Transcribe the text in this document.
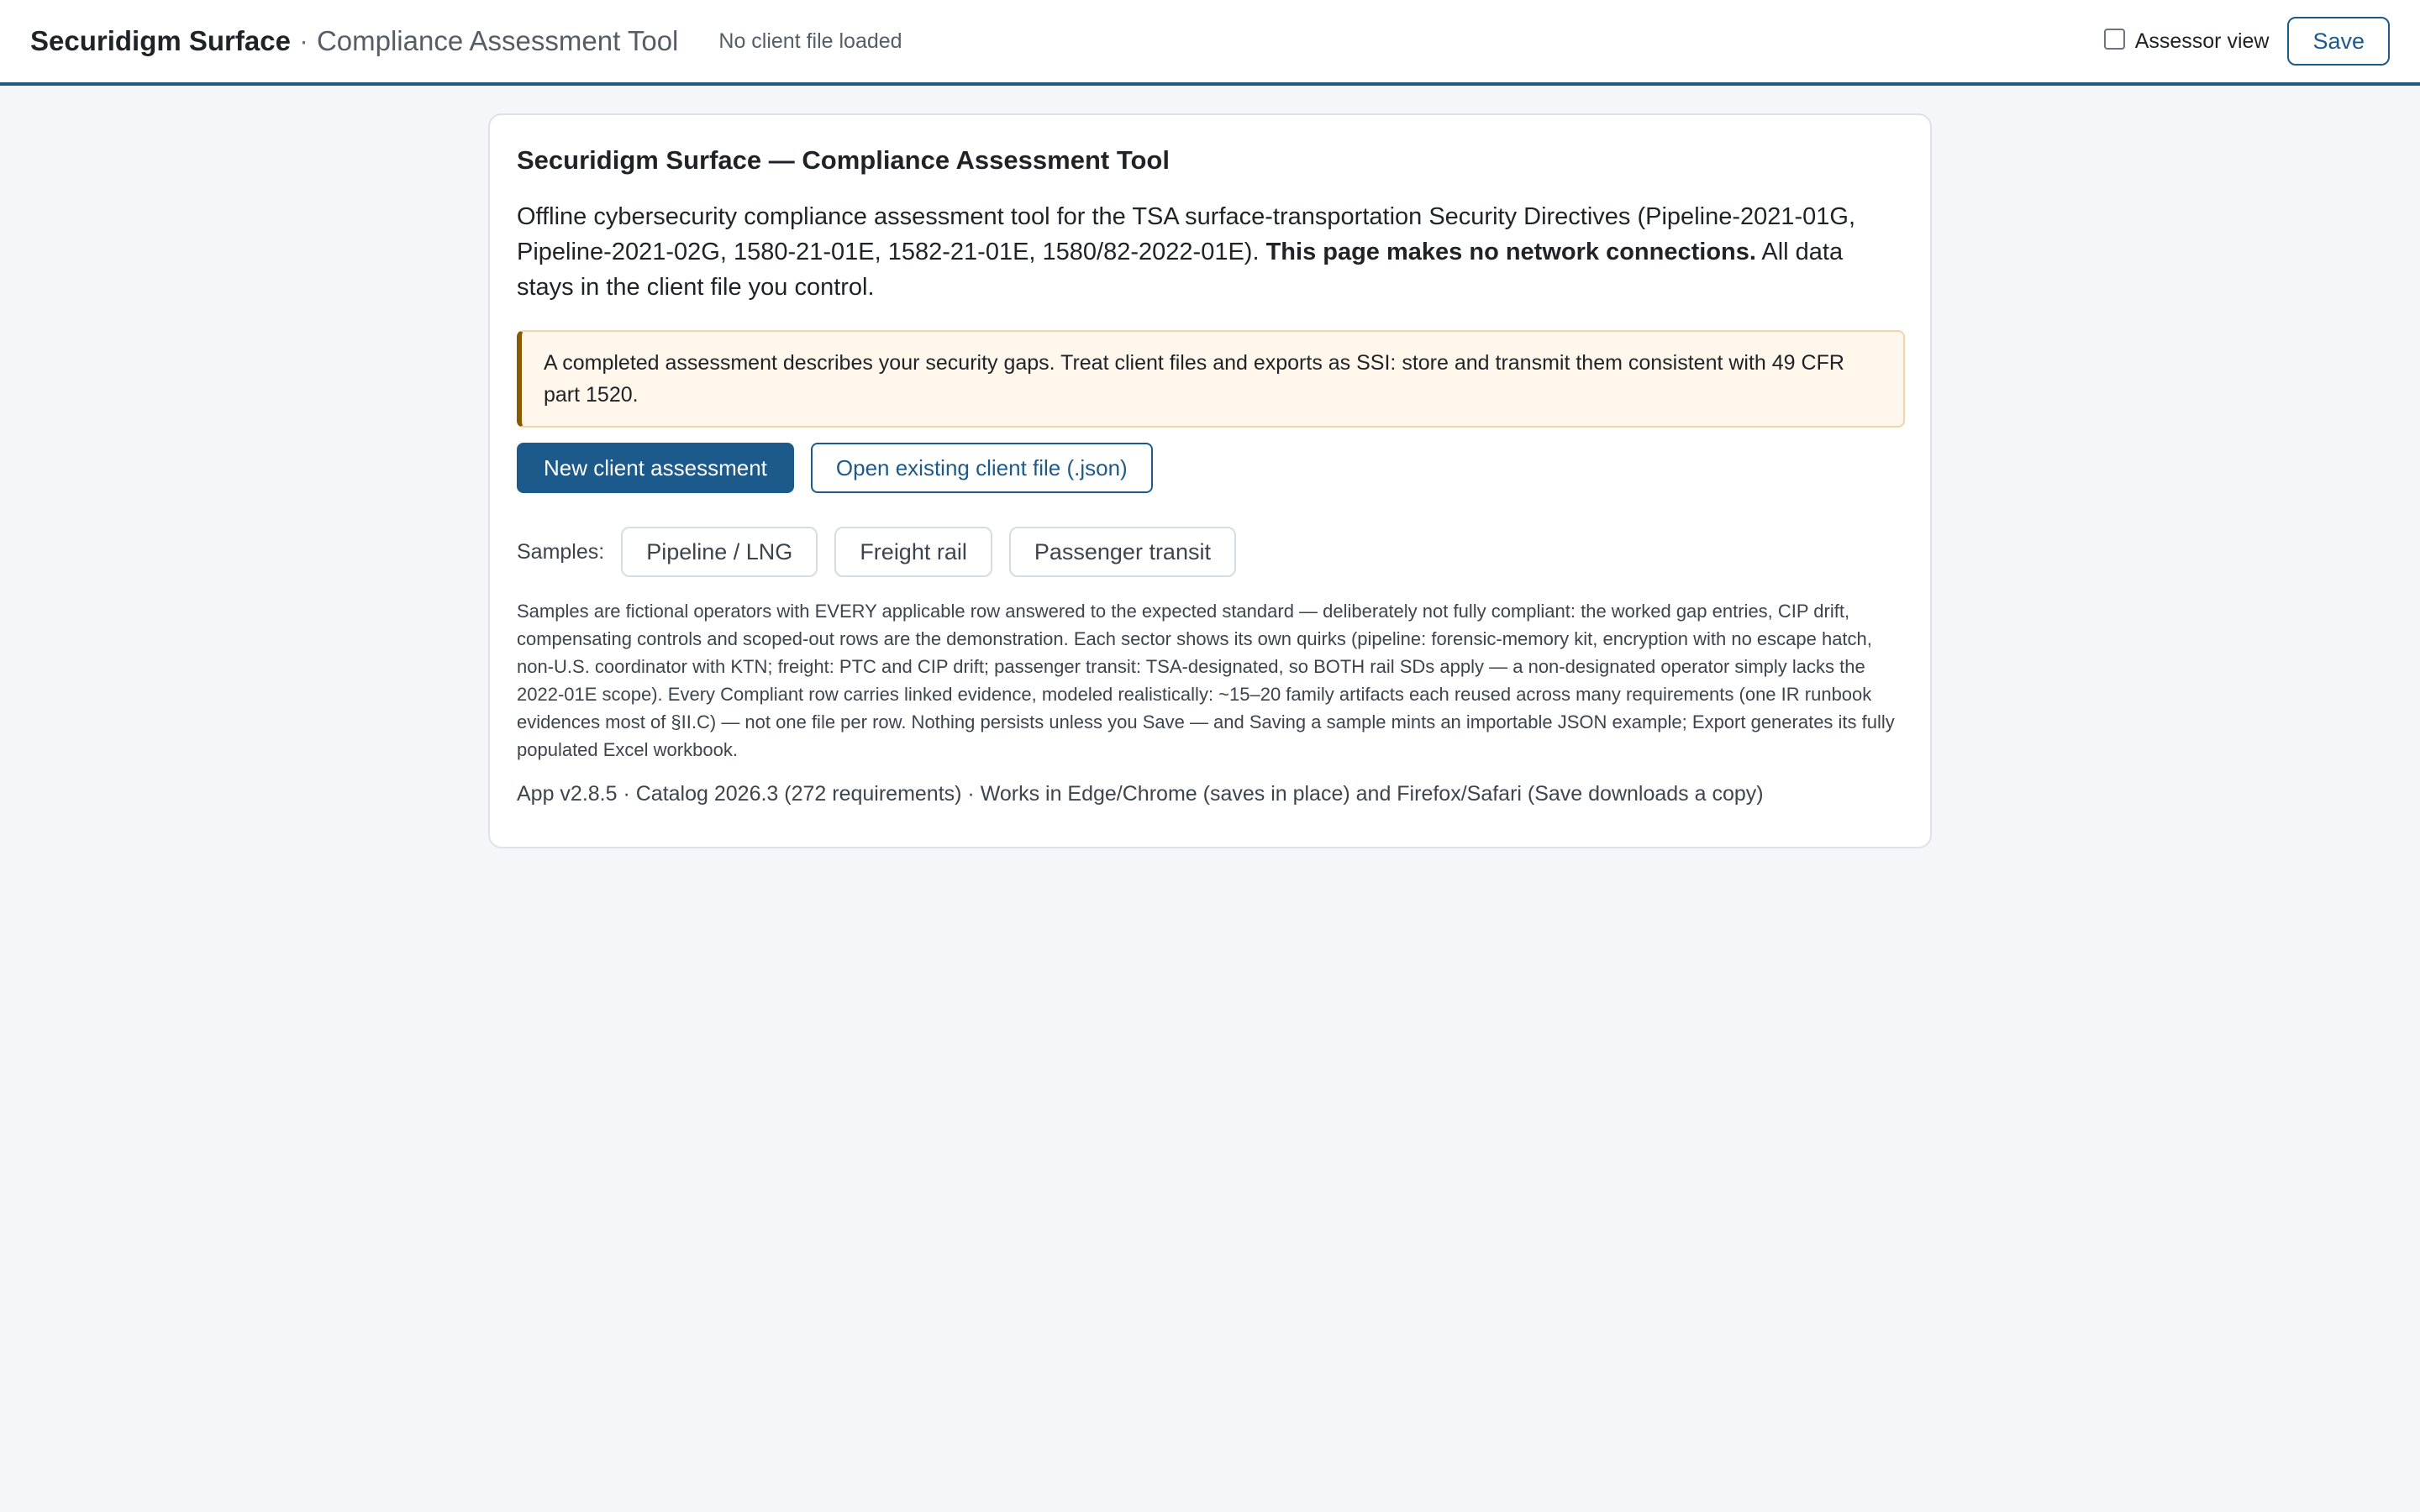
Securidigm Surface · Compliance Assessment Tool No client file loaded	Assessor view	Save
Securidigm Surface — Compliance Assessment Tool

Offline cybersecurity compliance assessment tool for the TSA surface-transportation Security Directives (Pipeline-2021-01G, Pipeline-2021-02G, 1580-21-01E, 1582-21-01E, 1580/82-2022-01E). This page makes no network connections. All data stays in the client file you control.

A completed assessment describes your security gaps. Treat client files and exports as SSI: store and transmit them consistent with 49 CFR part 1520.
New client assessment	Open existing client file (.json)
Samples:	Pipeline / LNG	Freight rail	Passenger transit

Samples are fictional operators with EVERY applicable row answered to the expected standard — deliberately not fully compliant: the worked gap entries, CIP drift, compensating controls and scoped-out rows are the demonstration. Each sector shows its own quirks (pipeline: forensic-memory kit, encryption with no escape hatch, non-U.S. coordinator with KTN; freight: PTC and CIP drift; passenger transit: TSA-designated, so BOTH rail SDs apply — a non-designated operator simply lacks the 2022-01E scope). Every Compliant row carries linked evidence, modeled realistically: ~15–20 family artifacts each reused across many requirements (one IR runbook evidences most of §II.C) — not one file per row. Nothing persists unless you Save — and Saving a sample mints an importable JSON example; Export generates its fully populated Excel workbook.

App v2.8.5 · Catalog 2026.3 (272 requirements) · Works in Edge/Chrome (saves in place) and Firefox/Safari (Save downloads a copy)
